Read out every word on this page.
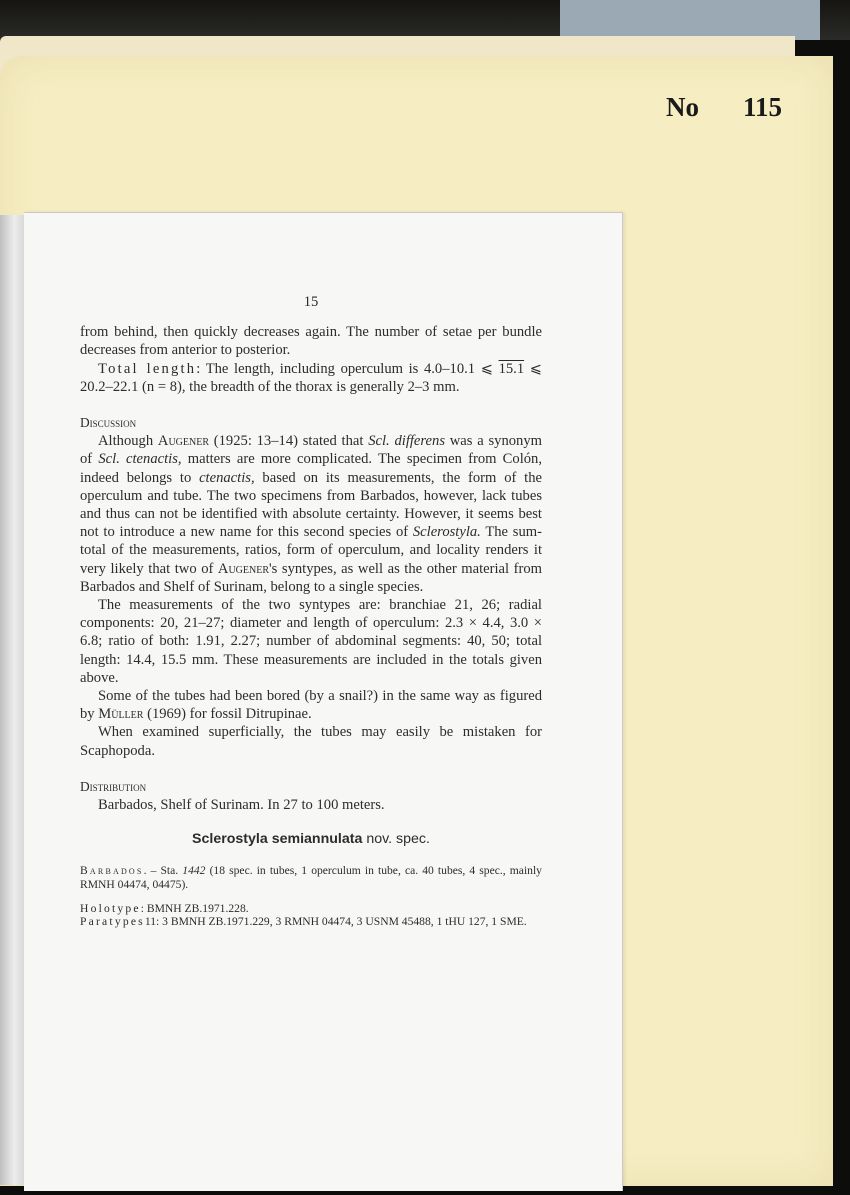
No 115
15

from behind, then quickly decreases again. The number of setae per bundle decreases from anterior to posterior.

Total length: The length, including operculum is 4.0–10.1 ⩽ 15.1 ⩽ 20.2–22.1 (n = 8), the breadth of the thorax is generally 2–3 mm.

Discussion

Although Augener (1925: 13–14) stated that Scl. differens was a synonym of Scl. ctenactis, matters are more complicated. The specimen from Colón, indeed belongs to ctenactis, based on its measurements, the form of the operculum and tube. The two specimens from Barbados, however, lack tubes and thus can not be identified with absolute certainty. However, it seems best not to introduce a new name for this second species of Sclerostyla. The sum-total of the measurements, ratios, form of operculum, and locality renders it very likely that two of Augener's syntypes, as well as the other material from Barbados and Shelf of Surinam, belong to a single species.

The measurements of the two syntypes are: branchiae 21, 26; radial components: 20, 21–27; diameter and length of operculum: 2.3 × 4.4, 3.0 × 6.8; ratio of both: 1.91, 2.27; number of abdominal segments: 40, 50; total length: 14.4, 15.5 mm. These measurements are included in the totals given above.

Some of the tubes had been bored (by a snail?) in the same way as figured by Müller (1969) for fossil Ditrupinae.

When examined superficially, the tubes may easily be mistaken for Scaphopoda.

Distribution

Barbados, Shelf of Surinam. In 27 to 100 meters.

Sclerostyla semiannulata nov. spec.

Barbados. – Sta. 1442 (18 spec. in tubes, 1 operculum in tube, ca. 40 tubes, 4 spec., mainly RMNH 04474, 04475).

Holotype: BMNH ZB.1971.228.

Paratypes11: 3 BMNH ZB.1971.229, 3 RMNH 04474, 3 USNM 45488, 1 tHU 127, 1 SME.
